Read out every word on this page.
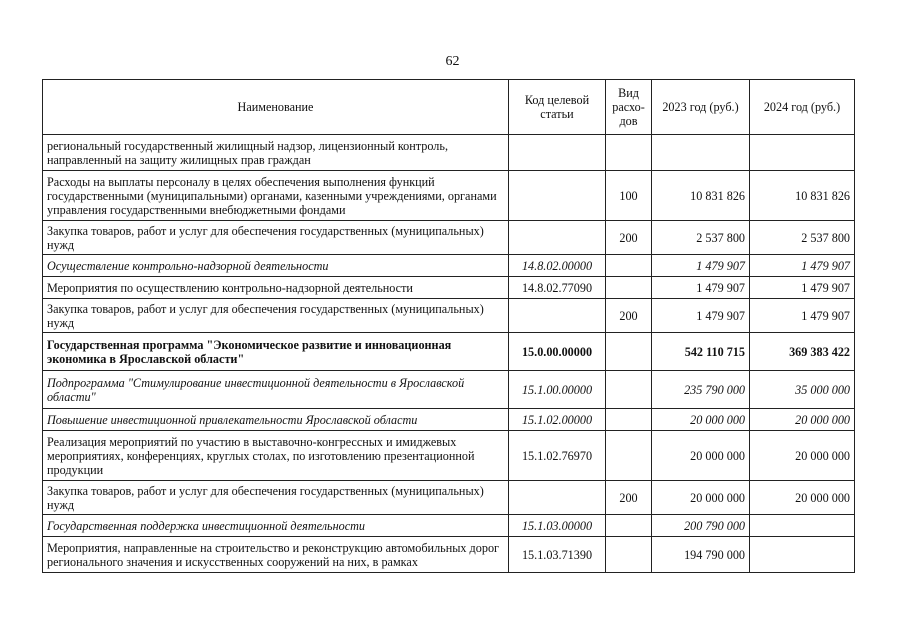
62
Наименование	Код целевой статьи	Вид расхо-дов	2023 год (руб.)	2024 год (руб.)
региональный государственный жилищный надзор, лицензионный контроль, направленный на защиту жилищных прав граждан				
Расходы на выплаты персоналу в целях обеспечения выполнения функций государственными (муниципальными) органами, казенными учреждениями, органами управления государственными внебюджетными фондами		100	10 831 826	10 831 826
Закупка товаров, работ и услуг для обеспечения государственных (муниципальных) нужд		200	2 537 800	2 537 800
Осуществление контрольно-надзорной деятельности	14.8.02.00000		1 479 907	1 479 907
Мероприятия по осуществлению контрольно-надзорной деятельности	14.8.02.77090		1 479 907	1 479 907
Закупка товаров, работ и услуг для обеспечения государственных (муниципальных) нужд		200	1 479 907	1 479 907
Государственная программа "Экономическое развитие и инновационная экономика в Ярославской области"	15.0.00.00000		542 110 715	369 383 422
Подпрограмма "Стимулирование инвестиционной деятельности в Ярославской области"	15.1.00.00000		235 790 000	35 000 000
Повышение инвестиционной привлекательности Ярославской области	15.1.02.00000		20 000 000	20 000 000
Реализация мероприятий по участию в выставочно-конгрессных и имиджевых мероприятиях, конференциях, круглых столах, по изготовлению презентационной продукции	15.1.02.76970		20 000 000	20 000 000
Закупка товаров, работ и услуг для обеспечения государственных (муниципальных) нужд		200	20 000 000	20 000 000
Государственная поддержка инвестиционной деятельности	15.1.03.00000		200 790 000	
Мероприятия, направленные на строительство и реконструкцию автомобильных дорог регионального значения и искусственных сооружений на них, в рамках	15.1.03.71390		194 790 000	
